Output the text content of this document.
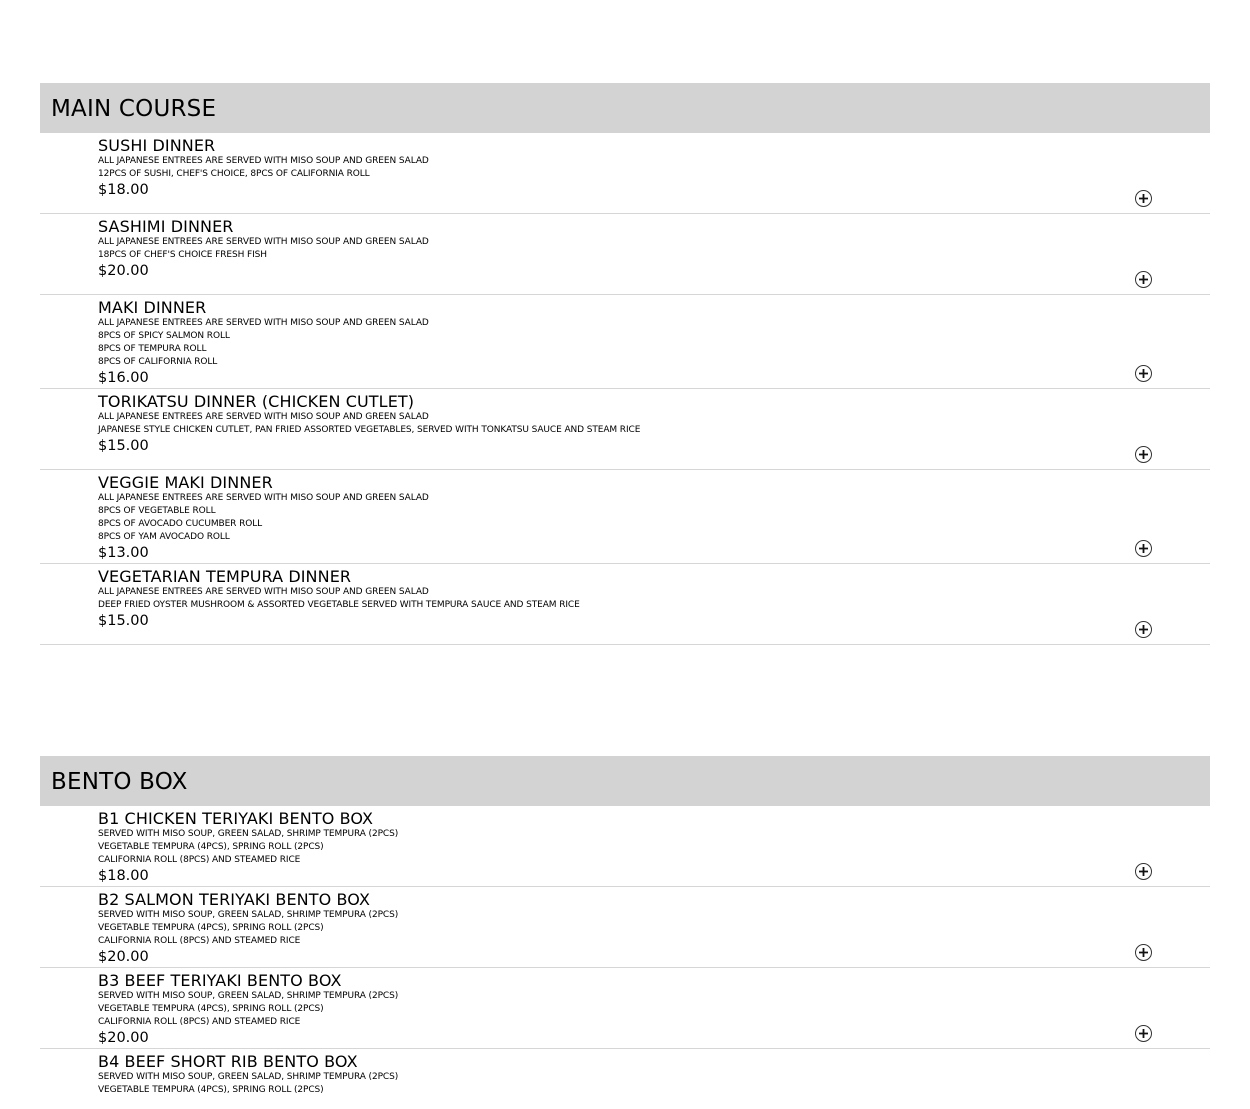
MAIN COURSE
SUSHI DINNER
ALL JAPANESE ENTREES ARE SERVED WITH MISO SOUP AND GREEN SALAD
12PCS OF SUSHI, CHEF'S CHOICE, 8PCS OF CALIFORNIA ROLL
$18.00
SASHIMI DINNER
ALL JAPANESE ENTREES ARE SERVED WITH MISO SOUP AND GREEN SALAD
18PCS OF CHEF'S CHOICE FRESH FISH
$20.00
MAKI DINNER
ALL JAPANESE ENTREES ARE SERVED WITH MISO SOUP AND GREEN SALAD
8PCS OF SPICY SALMON ROLL
8PCS OF TEMPURA ROLL
8PCS OF CALIFORNIA ROLL
$16.00
TORIKATSU DINNER (CHICKEN CUTLET)
ALL JAPANESE ENTREES ARE SERVED WITH MISO SOUP AND GREEN SALAD
JAPANESE STYLE CHICKEN CUTLET, PAN FRIED ASSORTED VEGETABLES, SERVED WITH TONKATSU SAUCE AND STEAM RICE
$15.00
VEGGIE MAKI DINNER
ALL JAPANESE ENTREES ARE SERVED WITH MISO SOUP AND GREEN SALAD
8PCS OF VEGETABLE ROLL
8PCS OF AVOCADO CUCUMBER ROLL
8PCS OF YAM AVOCADO ROLL
$13.00
VEGETARIAN TEMPURA DINNER
ALL JAPANESE ENTREES ARE SERVED WITH MISO SOUP AND GREEN SALAD
DEEP FRIED OYSTER MUSHROOM & ASSORTED VEGETABLE SERVED WITH TEMPURA SAUCE AND STEAM RICE
$15.00
BENTO BOX
B1 CHICKEN TERIYAKI BENTO BOX
SERVED WITH MISO SOUP, GREEN SALAD, SHRIMP TEMPURA (2PCS)
VEGETABLE TEMPURA (4PCS), SPRING ROLL (2PCS)
CALIFORNIA ROLL (8PCS) AND STEAMED RICE
$18.00
B2 SALMON TERIYAKI BENTO BOX
SERVED WITH MISO SOUP, GREEN SALAD, SHRIMP TEMPURA (2PCS)
VEGETABLE TEMPURA (4PCS), SPRING ROLL (2PCS)
CALIFORNIA ROLL (8PCS) AND STEAMED RICE
$20.00
B3 BEEF TERIYAKI BENTO BOX
SERVED WITH MISO SOUP, GREEN SALAD, SHRIMP TEMPURA (2PCS)
VEGETABLE TEMPURA (4PCS), SPRING ROLL (2PCS)
CALIFORNIA ROLL (8PCS) AND STEAMED RICE
$20.00
B4 BEEF SHORT RIB BENTO BOX
SERVED WITH MISO SOUP, GREEN SALAD, SHRIMP TEMPURA (2PCS)
VEGETABLE TEMPURA (4PCS), SPRING ROLL (2PCS)
